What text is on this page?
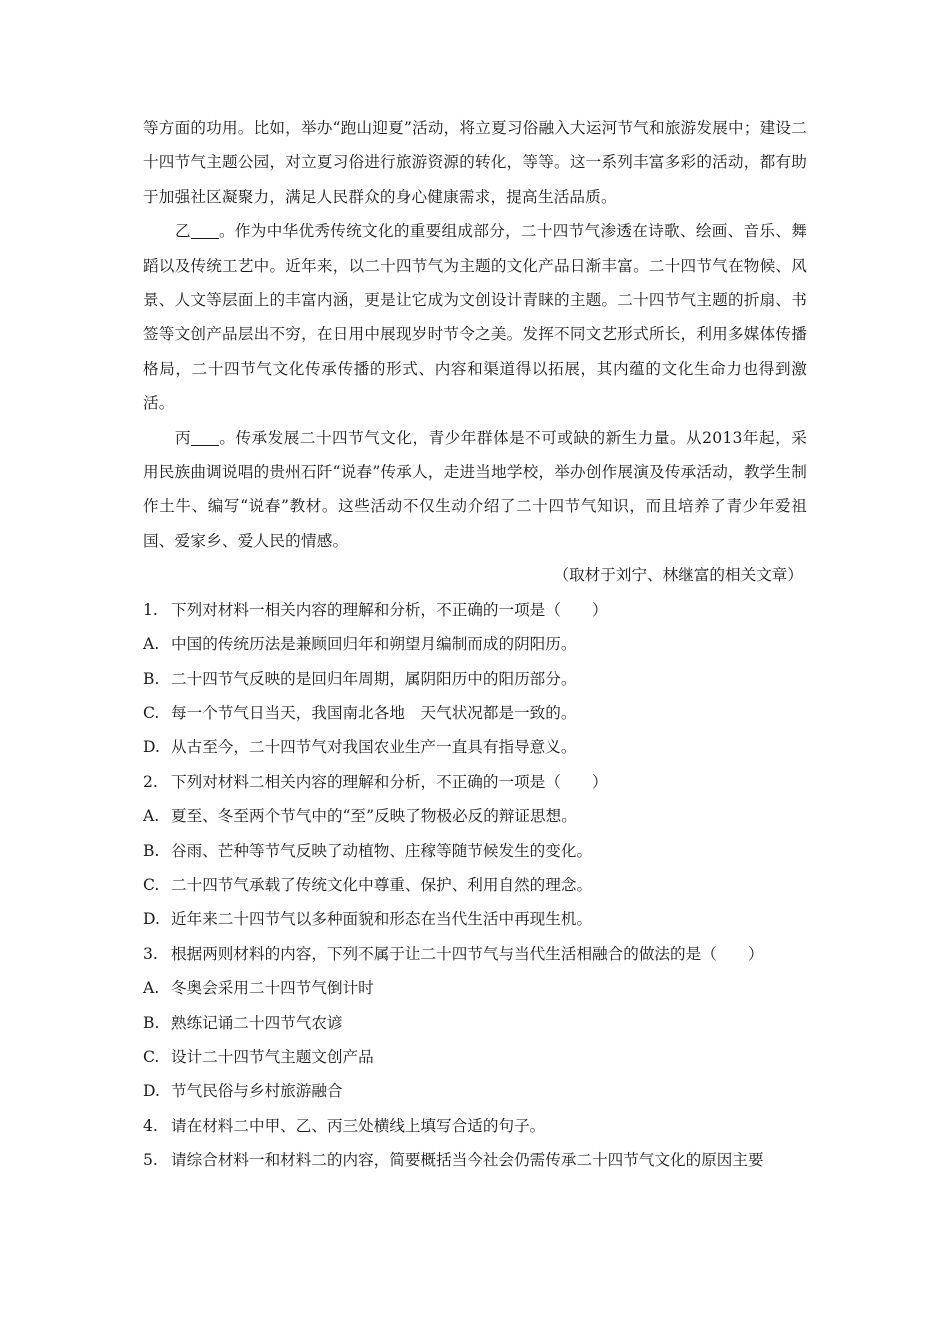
等方面的功用。比如，举办“跑山迎夏”活动，将立夏习俗融入大运河节气和旅游发展中；建设二十四节气主题公园，对立夏习俗进行旅游资源的转化，等等。这一系列丰富多彩的活动，都有助于加强社区凝聚力，满足人民群众的身心健康需求，提高生活品质。

乙 。作为中华优秀传统文化的重要组成部分，二十四节气渗透在诗歌、绘画、音乐、舞蹈以及传统工艺中。近年来，以二十四节气为主题的文化产品日渐丰富。二十四节气在物候、风景、人文等层面上的丰富内涵，更是让它成为文创设计青睐的主题。二十四节气主题的折扇、书签等文创产品层出不穷，在日用中展现岁时节令之美。发挥不同文艺形式所长，利用多媒体传播格局，二十四节气文化传承传播的形式、内容和渠道得以拓展，其内蕴的文化生命力也得到激活。

丙 。传承发展二十四节气文化，青少年群体是不可或缺的新生力量。从2013年起，采用民族曲调说唱的贵州石阡“说春”传承人，走进当地学校，举办创作展演及传承活动，教学生制作土牛、编写“说春”教材。这些活动不仅生动介绍了二十四节气知识，而且培养了青少年爱祖国、爱家乡、爱人民的情感。

（取材于刘宁、林继富的相关文章）

1. 下列对材料一相关内容的理解和分析，不正确的一项是（　　）

A. 中国的传统历法是兼顾回归年和朔望月编制而成的阴阳历。

B. 二十四节气反映的是回归年周期，属阴阳历中的阳历部分。

C. 每一个节气日当天，我国南北各地　天气状况都是一致的。

D. 从古至今，二十四节气对我国农业生产一直具有指导意义。

2. 下列对材料二相关内容的理解和分析，不正确的一项是（　　）

A. 夏至、冬至两个节气中的“至”反映了物极必反的辩证思想。

B. 谷雨、芒种等节气反映了动植物、庄稼等随节候发生的变化。

C. 二十四节气承载了传统文化中尊重、保护、利用自然的理念。

D. 近年来二十四节气以多种面貌和形态在当代生活中再现生机。

3. 根据两则材料的内容，下列不属于让二十四节气与当代生活相融合的做法的是（　　）

A. 冬奥会采用二十四节气倒计时

B. 熟练记诵二十四节气农谚

C. 设计二十四节气主题文创产品

D. 节气民俗与乡村旅游融合

4. 请在材料二中甲、乙、丙三处横线上填写合适的句子。

5. 请综合材料一和材料二的内容，简要概括当今社会仍需传承二十四节气文化的原因主要
